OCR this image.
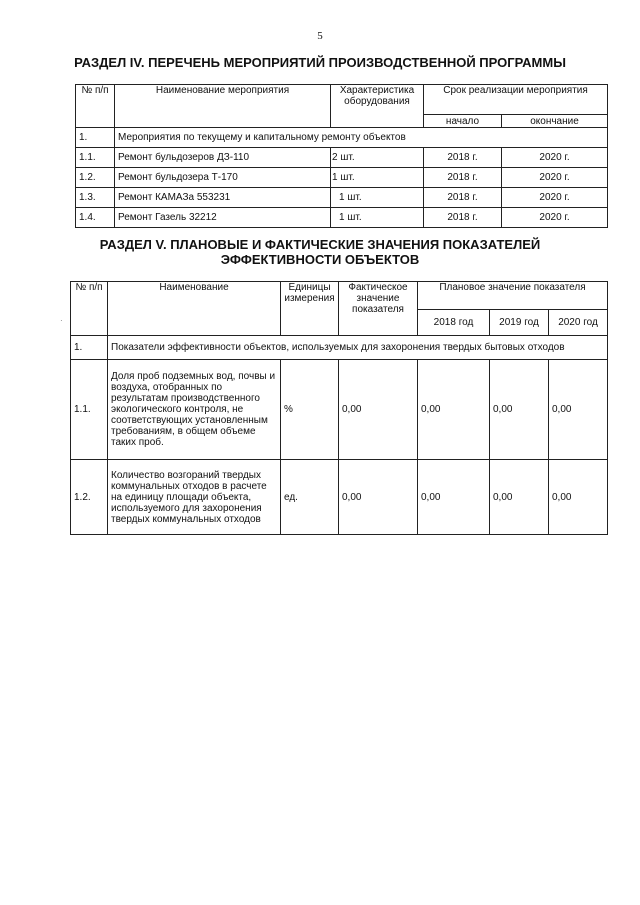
5
РАЗДЕЛ IV. ПЕРЕЧЕНЬ МЕРОПРИЯТИЙ ПРОИЗВОДСТВЕННОЙ ПРОГРАММЫ
№ п/п	Наименование мероприятия	Характеристика оборудования	Срок реализации мероприятия	
			начало	окончание
1.	Мероприятия по текущему и капитальному ремонту объектов			
1.1.	Ремонт бульдозеров ДЗ-110	2 шт.	2018 г.	2020 г.
1.2.	Ремонт бульдозера Т-170	1 шт.	2018 г.	2020 г.
1.3.	Ремонт КАМАЗа 553231	1 шт.	2018 г.	2020 г.
1.4.	Ремонт Газель 32212	1 шт.	2018 г.	2020 г.
РАЗДЕЛ V. ПЛАНОВЫЕ И ФАКТИЧЕСКИЕ ЗНАЧЕНИЯ ПОКАЗАТЕЛЕЙ
ЭФФЕКТИВНОСТИ ОБЪЕКТОВ
·
№ п/п	Наименование	Единицы измерения	Фактическое значение показателя	Плановое значение показателя		
				2018 год	2019 год	2020 год
1.	Показатели эффективности объектов, используемых для захоронения твердых бытовых отходов					
1.1.	Доля проб подземных вод, почвы и воздуха, отобранных по результатам производственного экологического контроля, не соответствующих установленным требованиям, в общем объеме таких проб.	%	0,00	0,00	0,00	0,00
1.2.	Количество возгораний твердых коммунальных отходов в расчете на единицу площади объекта, используемого для захоронения твердых коммунальных отходов	ед.	0,00	0,00	0,00	0,00
